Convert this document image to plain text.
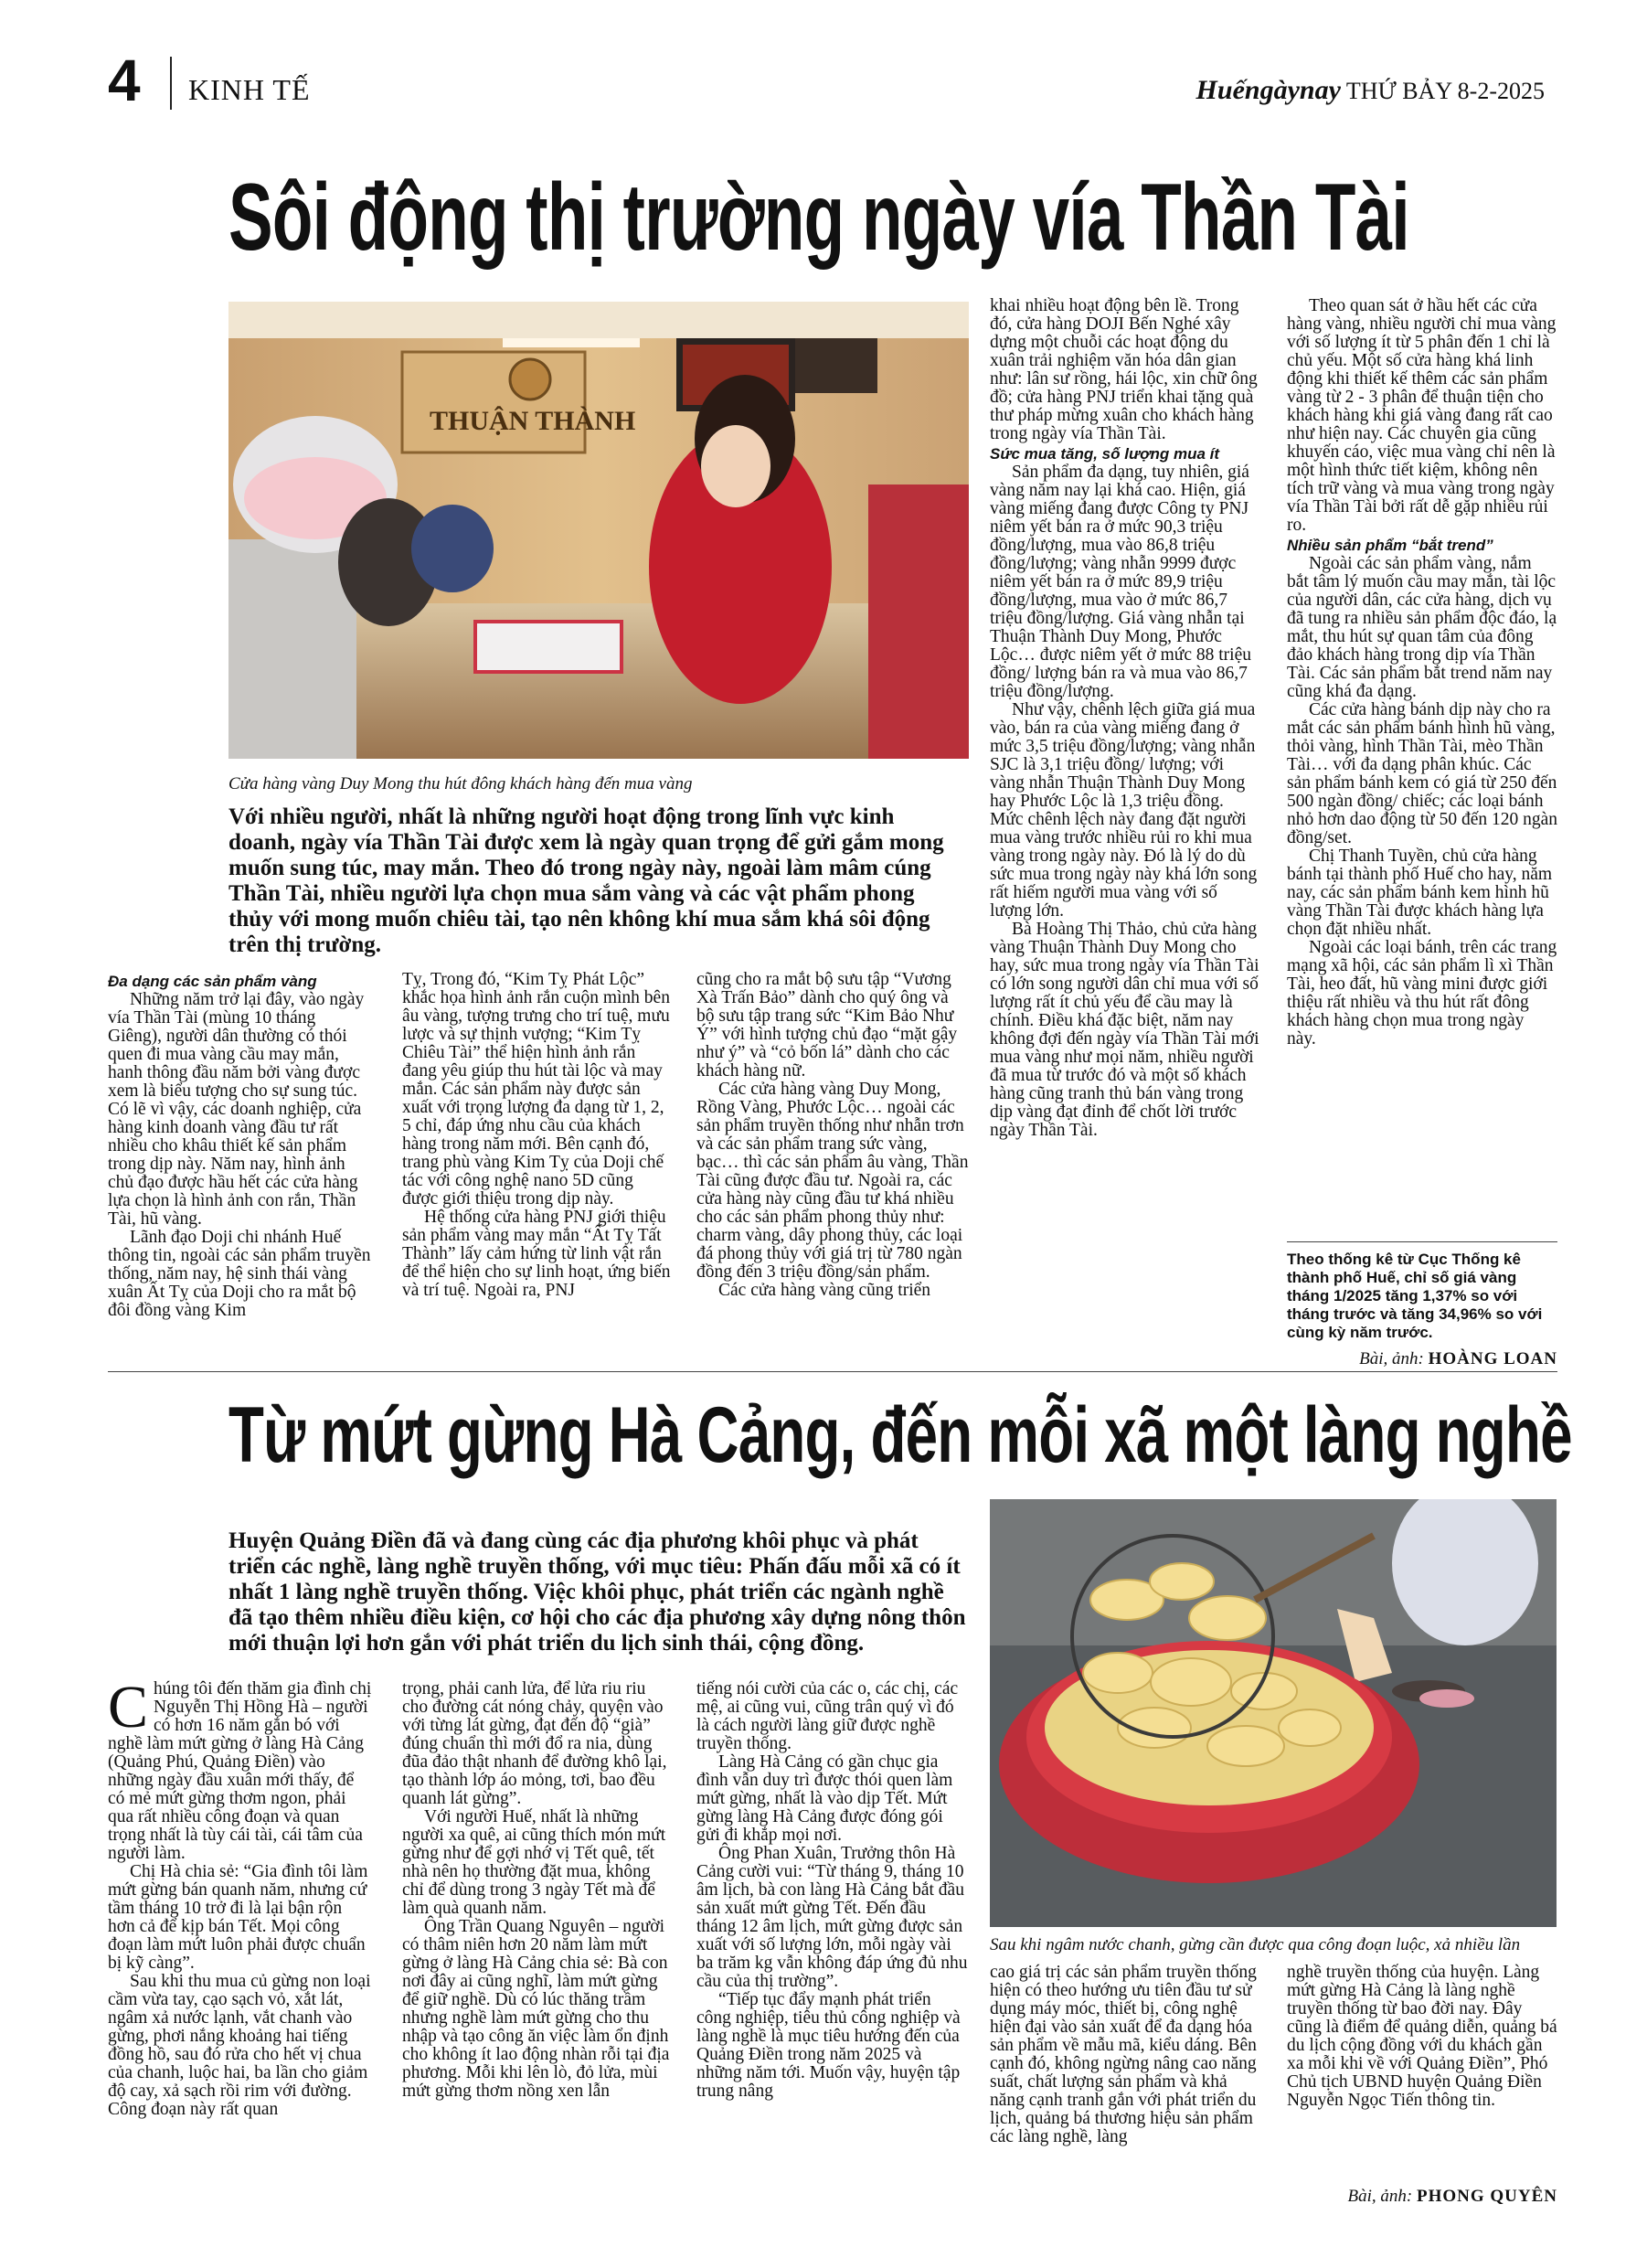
4 KINH TẾ	Huếngàynay THỨ BẢY 8-2-2025
Sôi động thị trường ngày vía Thần Tài
THUẬN THÀNH
Cửa hàng vàng Duy Mong thu hút đông khách hàng đến mua vàng
Với nhiều người, nhất là những người hoạt động trong lĩnh vực kinh doanh, ngày vía Thần Tài được xem là ngày quan trọng để gửi gắm mong muốn sung túc, may mắn. Theo đó trong ngày này, ngoài làm mâm cúng Thần Tài, nhiều người lựa chọn mua sắm vàng và các vật phẩm phong thủy với mong muốn chiêu tài, tạo nên không khí mua sắm khá sôi động trên thị trường.
Đa dạng các sản phẩm vàng

Những năm trở lại đây, vào ngày vía Thần Tài (mùng 10 tháng Giêng), người dân thường có thói quen đi mua vàng cầu may mắn, hanh thông đầu năm bởi vàng được xem là biểu tượng cho sự sung túc. Có lẽ vì vậy, các doanh nghiệp, cửa hàng kinh doanh vàng đầu tư rất nhiều cho khâu thiết kế sản phẩm trong dịp này. Năm nay, hình ảnh chủ đạo được hầu hết các cửa hàng lựa chọn là hình ảnh con rắn, Thần Tài, hũ vàng.

Lãnh đạo Doji chi nhánh Huế thông tin, ngoài các sản phẩm truyền thống, năm nay, hệ sinh thái vàng xuân Ất Tỵ của Doji cho ra mắt bộ đôi đồng vàng Kim

Tỵ, Trong đó, “Kim Tỵ Phát Lộc” khắc họa hình ảnh rắn cuộn mình bên âu vàng, tượng trưng cho trí tuệ, mưu lược và sự thịnh vượng; “Kim Tỵ Chiêu Tài” thể hiện hình ảnh rắn đang yêu giúp thu hút tài lộc và may mắn. Các sản phẩm này được sản xuất với trọng lượng đa dạng từ 1, 2, 5 chỉ, đáp ứng nhu cầu của khách hàng trong năm mới. Bên cạnh đó, trang phù vàng Kim Tỵ của Doji chế tác với công nghệ nano 5D cũng được giới thiệu trong dịp này.

Hệ thống cửa hàng PNJ giới thiệu sản phẩm vàng may mắn “Ất Tỵ Tất Thành” lấy cảm hứng từ linh vật rắn để thể hiện cho sự linh hoạt, ứng biến và trí tuệ. Ngoài ra, PNJ

cũng cho ra mắt bộ sưu tập “Vương Xà Trấn Bảo” dành cho quý ông và bộ sưu tập trang sức “Kim Bảo Như Ý” với hình tượng chủ đạo “mặt gậy như ý” và “cỏ bốn lá” dành cho các khách hàng nữ.

Các cửa hàng vàng Duy Mong, Rồng Vàng, Phước Lộc… ngoài các sản phẩm truyền thống như nhẫn trơn và các sản phẩm trang sức vàng, bạc… thì các sản phẩm âu vàng, Thần Tài cũng được đầu tư. Ngoài ra, các cửa hàng này cũng đầu tư khá nhiều cho các sản phẩm phong thủy như: charm vàng, dây phong thủy, các loại đá phong thủy với giá trị từ 780 ngàn đồng đến 3 triệu đồng/sản phẩm.

Các cửa hàng vàng cũng triển

khai nhiều hoạt động bên lề. Trong đó, cửa hàng DOJI Bến Nghé xây dựng một chuỗi các hoạt động du xuân trải nghiệm văn hóa dân gian như: lân sư rồng, hái lộc, xin chữ ông đồ; cửa hàng PNJ triển khai tặng quà thư pháp mừng xuân cho khách hàng trong ngày vía Thần Tài.

Sức mua tăng, số lượng mua ít

Sản phẩm đa dạng, tuy nhiên, giá vàng năm nay lại khá cao. Hiện, giá vàng miếng đang được Công ty PNJ niêm yết bán ra ở mức 90,3 triệu đồng/lượng, mua vào 86,8 triệu đồng/lượng; vàng nhẫn 9999 được niêm yết bán ra ở mức 89,9 triệu đồng/lượng, mua vào ở mức 86,7 triệu đồng/lượng. Giá vàng nhẫn tại Thuận Thành Duy Mong, Phước Lộc… được niêm yết ở mức 88 triệu đồng/ lượng bán ra và mua vào 86,7 triệu đồng/lượng.

Như vậy, chênh lệch giữa giá mua vào, bán ra của vàng miếng đang ở mức 3,5 triệu đồng/lượng; vàng nhẫn SJC là 3,1 triệu đồng/ lượng; với vàng nhẫn Thuận Thành Duy Mong hay Phước Lộc là 1,3 triệu đồng. Mức chênh lệch này đang đặt người mua vàng trước nhiều rủi ro khi mua vàng trong ngày này. Đó là lý do dù sức mua trong ngày này khá lớn song rất hiếm người mua vàng với số lượng lớn.

Bà Hoàng Thị Thảo, chủ cửa hàng vàng Thuận Thành Duy Mong cho hay, sức mua trong ngày vía Thần Tài có lớn song người dân chỉ mua với số lượng rất ít chủ yếu để cầu may là chính. Điều khá đặc biệt, năm nay không đợi đến ngày vía Thần Tài mới mua vàng như mọi năm, nhiều người đã mua từ trước đó và một số khách hàng cũng tranh thủ bán vàng trong dịp vàng đạt đỉnh để chốt lời trước ngày Thần Tài.

Theo quan sát ở hầu hết các cửa hàng vàng, nhiều người chỉ mua vàng với số lượng ít từ 5 phân đến 1 chỉ là chủ yếu. Một số cửa hàng khá linh động khi thiết kế thêm các sản phẩm vàng từ 2 - 3 phân để thuận tiện cho khách hàng khi giá vàng đang rất cao như hiện nay. Các chuyên gia cũng khuyến cáo, việc mua vàng chỉ nên là một hình thức tiết kiệm, không nên tích trữ vàng và mua vàng trong ngày vía Thần Tài bởi rất dễ gặp nhiều rủi ro.

Nhiều sản phẩm “bắt trend”

Ngoài các sản phẩm vàng, nắm bắt tâm lý muốn cầu may mắn, tài lộc của người dân, các cửa hàng, dịch vụ đã tung ra nhiều sản phẩm độc đáo, lạ mắt, thu hút sự quan tâm của đông đảo khách hàng trong dịp vía Thần Tài. Các sản phẩm bắt trend năm nay cũng khá đa dạng.

Các cửa hàng bánh dịp này cho ra mắt các sản phẩm bánh hình hũ vàng, thỏi vàng, hình Thần Tài, mèo Thần Tài… với đa dạng phân khúc. Các sản phẩm bánh kem có giá từ 250 đến 500 ngàn đồng/ chiếc; các loại bánh nhỏ hơn dao động từ 50 đến 120 ngàn đồng/set.

Chị Thanh Tuyền, chủ cửa hàng bánh tại thành phố Huế cho hay, năm nay, các sản phẩm bánh kem hình hũ vàng Thần Tài được khách hàng lựa chọn đặt nhiều nhất.

Ngoài các loại bánh, trên các trang mạng xã hội, các sản phẩm lì xì Thần Tài, heo đất, hũ vàng mini được giới thiệu rất nhiều và thu hút rất đông khách hàng chọn mua trong ngày này.

Theo thống kê từ Cục Thống kê thành phố Huế, chỉ số giá vàng tháng 1/2025 tăng 1,37% so với tháng trước và tăng 34,96% so với cùng kỳ năm trước.
Bài, ảnh: HOÀNG LOAN
Từ mứt gừng Hà Cảng, đến mỗi xã một làng nghề
Huyện Quảng Điền đã và đang cùng các địa phương khôi phục và phát triển các nghề, làng nghề truyền thống, với mục tiêu: Phấn đấu mỗi xã có ít nhất 1 làng nghề truyền thống. Việc khôi phục, phát triển các ngành nghề đã tạo thêm nhiều điều kiện, cơ hội cho các địa phương xây dựng nông thôn mới thuận lợi hơn gắn với phát triển du lịch sinh thái, cộng đồng.
Sau khi ngâm nước chanh, gừng cần được qua công đoạn luộc, xả nhiều lần
C húng tôi đến thăm gia đình chị Nguyễn Thị Hồng Hà – người có hơn 16 năm gắn bó với nghề làm mứt gừng ở làng Hà Cảng (Quảng Phú, Quảng Điền) vào những ngày đầu xuân mới thấy, để có mẻ mứt gừng thơm ngon, phải qua rất nhiều công đoạn và quan trọng nhất là tùy cái tài, cái tâm của người làm.

Chị Hà chia sẻ: “Gia đình tôi làm mứt gừng bán quanh năm, nhưng cứ tầm tháng 10 trở đi là lại bận rộn hơn cả để kịp bán Tết. Mọi công đoạn làm mứt luôn phải được chuẩn bị kỹ càng”.

Sau khi thu mua củ gừng non loại cầm vừa tay, cạo sạch vỏ, xắt lát, ngâm xả nước lạnh, vắt chanh vào gừng, phơi nắng khoảng hai tiếng đồng hồ, sau đó rửa cho hết vị chua của chanh, luộc hai, ba lần cho giảm độ cay, xả sạch rồi rim với đường. Công đoạn này rất quan

trọng, phải canh lửa, để lửa riu riu cho đường cát nóng chảy, quyện vào với từng lát gừng, đạt đến độ “già” đúng chuẩn thì mới đổ ra nia, dùng đũa đảo thật nhanh để đường khô lại, tạo thành lớp áo mỏng, tơi, bao đều quanh lát gừng”.

Với người Huế, nhất là những người xa quê, ai cũng thích món mứt gừng như để gợi nhớ vị Tết quê, tết nhà nên họ thường đặt mua, không chỉ để dùng trong 3 ngày Tết mà để làm quà quanh năm.

Ông Trần Quang Nguyên – người có thâm niên hơn 20 năm làm mứt gừng ở làng Hà Cảng chia sẻ: Bà con nơi đây ai cũng nghĩ, làm mứt gừng để giữ nghề. Dù có lúc thăng trầm nhưng nghề làm mứt gừng cho thu nhập và tạo công ăn việc làm ổn định cho không ít lao động nhàn rỗi tại địa phương. Mỗi khi lên lò, đỏ lửa, mùi mứt gừng thơm nồng xen lẫn

tiếng nói cười của các o, các chị, các mệ, ai cũng vui, cũng trân quý vì đó là cách người làng giữ được nghề truyền thống.

Làng Hà Cảng có gần chục gia đình vẫn duy trì được thói quen làm mứt gừng, nhất là vào dịp Tết. Mứt gừng làng Hà Cảng được đóng gói gửi đi khắp mọi nơi.

Ông Phan Xuân, Trưởng thôn Hà Cảng cười vui: “Từ tháng 9, tháng 10 âm lịch, bà con làng Hà Cảng bắt đầu sản xuất mứt gừng Tết. Đến đầu tháng 12 âm lịch, mứt gừng được sản xuất với số lượng lớn, mỗi ngày vài ba trăm kg vẫn không đáp ứng đủ nhu cầu của thị trường”.

“Tiếp tục đẩy mạnh phát triển công nghiệp, tiêu thủ công nghiệp và làng nghề là mục tiêu hướng đến của Quảng Điền trong năm 2025 và những năm tới. Muốn vậy, huyện tập trung nâng

cao giá trị các sản phẩm truyền thống hiện có theo hướng ưu tiên đầu tư sử dụng máy móc, thiết bị, công nghệ hiện đại vào sản xuất để đa dạng hóa sản phẩm về mẫu mã, kiểu dáng. Bên cạnh đó, không ngừng nâng cao năng suất, chất lượng sản phẩm và khả năng cạnh tranh gắn với phát triển du lịch, quảng bá thương hiệu sản phẩm các làng nghề, làng

nghề truyền thống của huyện. Làng mứt gừng Hà Cảng là làng nghề truyền thống từ bao đời nay. Đây cũng là điểm để quảng diễn, quảng bá du lịch cộng đồng với du khách gần xa mỗi khi về với Quảng Điền”, Phó Chủ tịch UBND huyện Quảng Điền Nguyễn Ngọc Tiến thông tin.

Bài, ảnh: PHONG QUYÊN
